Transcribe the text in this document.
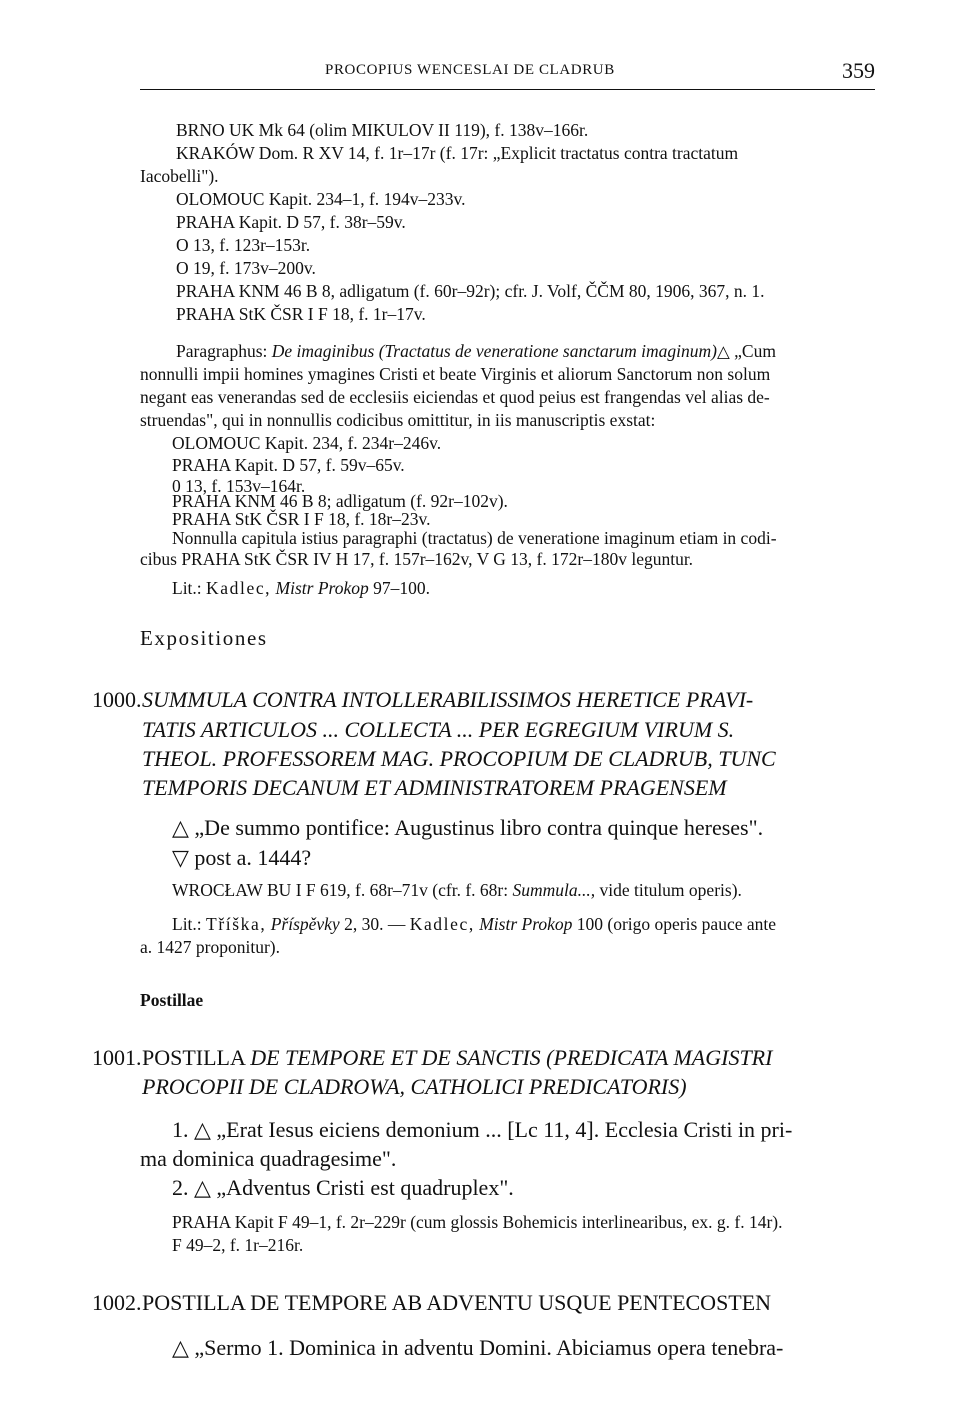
PROCOPIUS WENCESLAI DE CLADRUB	359
BRNO UK Mk 64 (olim MIKULOV II 119), f. 138v–166r.
KRAKÓW Dom. R XV 14, f. 1r–17r (f. 17r: „Explicit tractatus contra tractatum
Iacobelli").
OLOMOUC Kapit. 234–1, f. 194v–233v.
PRAHA Kapit. D 57, f. 38r–59v.
O 13, f. 123r–153r.
O 19, f. 173v–200v.
PRAHA KNM 46 B 8, adligatum (f. 60r–92r); cfr. J. Volf, ČČM 80, 1906, 367, n. 1.
PRAHA StK ČSR I F 18, f. 1r–17v.
Paragraphus: De imaginibus (Tractatus de veneratione sanctarum imaginum)△ „Cum
nonnulli impii homines ymagines Cristi et beate Virginis et aliorum Sanctorum non solum
negant eas venerandas sed de ecclesiis eiciendas et quod peius est frangendas vel alias de-
struendas", qui in nonnullis codicibus omittitur, in iis manuscriptis exstat:
OLOMOUC Kapit. 234, f. 234r–246v.
PRAHA Kapit. D 57, f. 59v–65v.
0 13, f. 153v–164r.
PRAHA KNM 46 B 8; adligatum (f. 92r–102v).
PRAHA StK ČSR I F 18, f. 18r–23v.
Nonnulla capitula istius paragraphi (tractatus) de veneratione imaginum etiam in codi-
cibus PRAHA StK ČSR IV H 17, f. 157r–162v, V G 13, f. 172r–180v leguntur.
Lit.: Kadlec, Mistr Prokop 97–100.
Expositiones
1000. SUMMULA CONTRA INTOLLERABILISSIMOS HERETICE PRAVI-
TATIS ARTICULOS ... COLLECTA ... PER EGREGIUM VIRUM S.
THEOL. PROFESSOREM MAG. PROCOPIUM DE CLADRUB, TUNC
TEMPORIS DECANUM ET ADMINISTRATOREM PRAGENSEM
△ „De summo pontifice: Augustinus libro contra quinque hereses".
▽ post a. 1444?
WROCŁAW BU I F 619, f. 68r–71v (cfr. f. 68r: Summula..., vide titulum operis).
Lit.: Tříška, Příspěvky 2, 30. — Kadlec, Mistr Prokop 100 (origo operis pauce ante
a. 1427 proponitur).
Postillae
1001. POSTILLA DE TEMPORE ET DE SANCTIS (PREDICATA MAGISTRI
PROCOPII DE CLADROWA, CATHOLICI PREDICATORIS)
1. △ „Erat Iesus eiciens demonium ... [Lc 11, 4]. Ecclesia Cristi in pri-
ma dominica quadragesime".
2. △ „Adventus Cristi est quadruplex".
PRAHA Kapit F 49–1, f. 2r–229r (cum glossis Bohemicis interlinearibus, ex. g. f. 14r).
F 49–2, f. 1r–216r.
1002. POSTILLA DE TEMPORE AB ADVENTU USQUE PENTECOSTEN
△ „Sermo 1. Dominica in adventu Domini. Abiciamus opera tenebra-
